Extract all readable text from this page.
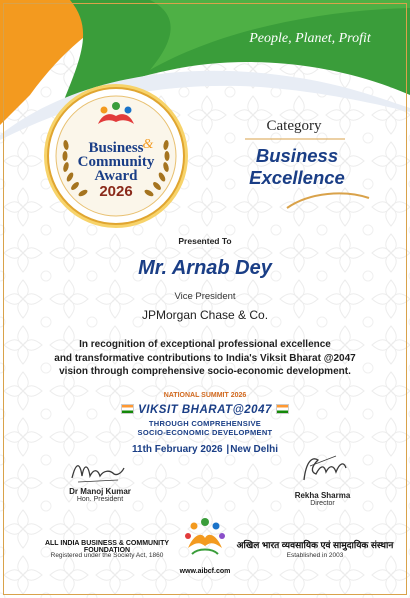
People, Planet, Profit
Business &
Community
Award
2026
Category
Business
Excellence
Presented To
Mr. Arnab Dey
Vice President
JPMorgan Chase & Co.
In recognition of exceptional professional excellence
and transformative contributions to India's Viksit Bharat @2047
vision through comprehensive socio-economic development.
NATIONAL SUMMIT 2026
VIKSIT BHARAT@2047
THROUGH COMPREHENSIVE
SOCIO-ECONOMIC DEVELOPMENT
11th February 2026 |New Delhi
Dr Manoj Kumar
Hon. President	Rekha Sharma
Director
ALL INDIA BUSINESS & COMMUNITY FOUNDATION
Registered under the Society Act, 1860
अखिल भारत व्यवसायिक एवं सामुदायिक संस्थान
Established in 2003
www.aibcf.com
